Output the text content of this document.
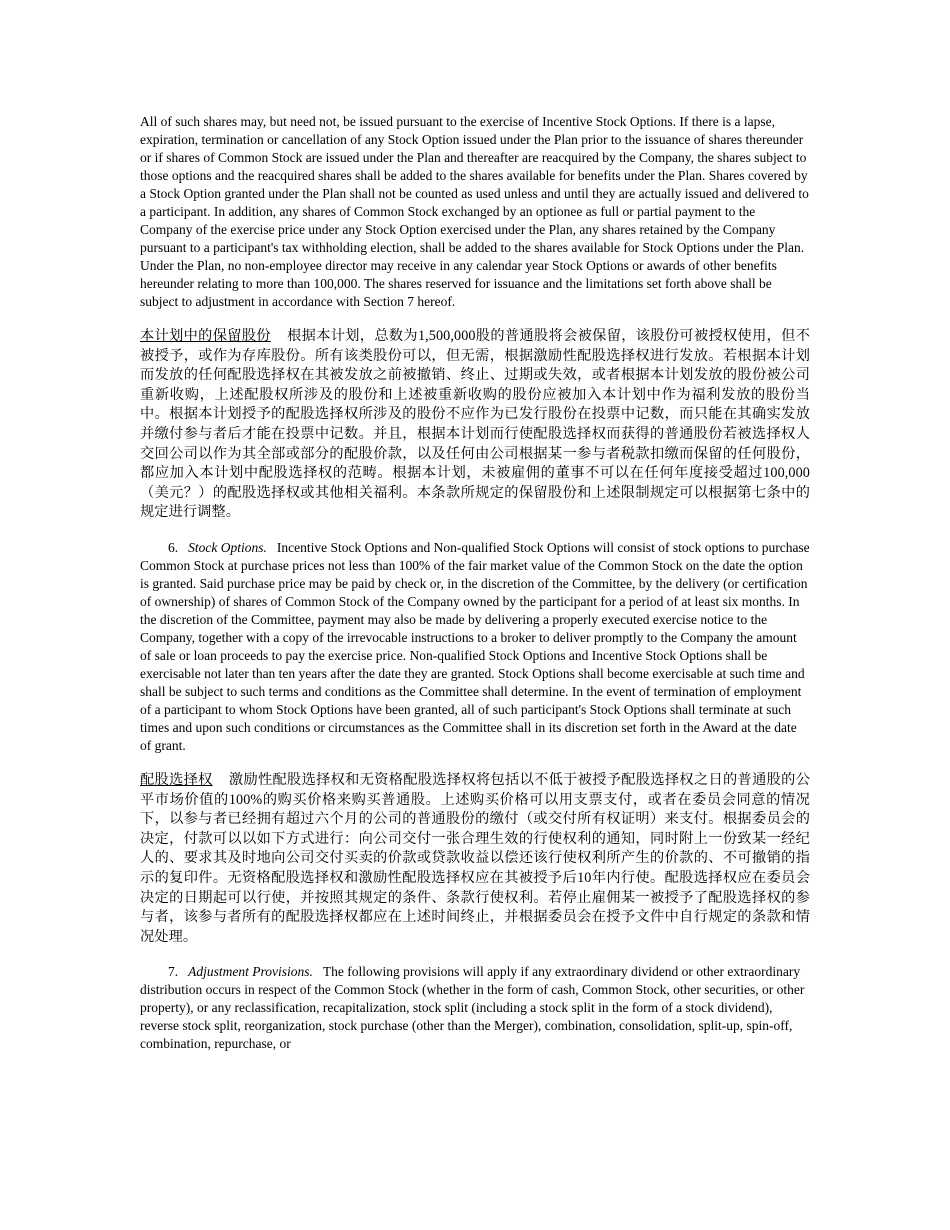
All of such shares may, but need not, be issued pursuant to the exercise of Incentive Stock Options. If there is a lapse, expiration, termination or cancellation of any Stock Option issued under the Plan prior to the issuance of shares thereunder or if shares of Common Stock are issued under the Plan and thereafter are reacquired by the Company, the shares subject to those options and the reacquired shares shall be added to the shares available for benefits under the Plan. Shares covered by a Stock Option granted under the Plan shall not be counted as used unless and until they are actually issued and delivered to a participant. In addition, any shares of Common Stock exchanged by an optionee as full or partial payment to the Company of the exercise price under any Stock Option exercised under the Plan, any shares retained by the Company pursuant to a participant's tax withholding election, shall be added to the shares available for Stock Options under the Plan. Under the Plan, no non-employee director may receive in any calendar year Stock Options or awards of other benefits hereunder relating to more than 100,000. The shares reserved for issuance and the limitations set forth above shall be subject to adjustment in accordance with Section 7 hereof.

本计划中的保留股份 根据本计划，总数为1,500,000股的普通股将会被保留，该股份可被授权使用，但不被授予，或作为存库股份。所有该类股份可以，但无需，根据激励性配股选择权进行发放。若根据本计划而发放的任何配股选择权在其被发放之前被撤销、终止、过期或失效，或者根据本计划发放的股份被公司重新收购，上述配股权所涉及的股份和上述被重新收购的股份应被加入本计划中作为福利发放的股份当中。根据本计划授予的配股选择权所涉及的股份不应作为已发行股份在投票中记数，而只能在其确实发放并缴付参与者后才能在投票中记数。并且，根据本计划而行使配股选择权而获得的普通股份若被选择权人交回公司以作为其全部或部分的配股价款，以及任何由公司根据某一参与者税款扣缴而保留的任何股份，都应加入本计划中配股选择权的范畴。根据本计划，未被雇佣的董事不可以在任何年度接受超过100,000（美元？）的配股选择权或其他相关福利。本条款所规定的保留股份和上述限制规定可以根据第七条中的规定进行调整。

6. Stock Options. Incentive Stock Options and Non-qualified Stock Options will consist of stock options to purchase Common Stock at purchase prices not less than 100% of the fair market value of the Common Stock on the date the option is granted. Said purchase price may be paid by check or, in the discretion of the Committee, by the delivery (or certification of ownership) of shares of Common Stock of the Company owned by the participant for a period of at least six months. In the discretion of the Committee, payment may also be made by delivering a properly executed exercise notice to the Company, together with a copy of the irrevocable instructions to a broker to deliver promptly to the Company the amount of sale or loan proceeds to pay the exercise price. Non-qualified Stock Options and Incentive Stock Options shall be exercisable not later than ten years after the date they are granted. Stock Options shall become exercisable at such time and shall be subject to such terms and conditions as the Committee shall determine. In the event of termination of employment of a participant to whom Stock Options have been granted, all of such participant's Stock Options shall terminate at such times and upon such conditions or circumstances as the Committee shall in its discretion set forth in the Award at the date of grant.

配股选择权 激励性配股选择权和无资格配股选择权将包括以不低于被授予配股选择权之日的普通股的公平市场价值的100%的购买价格来购买普通股。上述购买价格可以用支票支付，或者在委员会同意的情况下，以参与者已经拥有超过六个月的公司的普通股份的缴付（或交付所有权证明）来支付。根据委员会的决定，付款可以以如下方式进行：向公司交付一张合理生效的行使权利的通知，同时附上一份致某一经纪人的、要求其及时地向公司交付买卖的价款或贷款收益以偿还该行使权利所产生的价款的、不可撤销的指示的复印件。无资格配股选择权和激励性配股选择权应在其被授予后10年内行使。配股选择权应在委员会决定的日期起可以行使，并按照其规定的条件、条款行使权利。若停止雇佣某一被授予了配股选择权的参与者，该参与者所有的配股选择权都应在上述时间终止，并根据委员会在授予文件中自行规定的条款和情况处理。

7. Adjustment Provisions. The following provisions will apply if any extraordinary dividend or other extraordinary distribution occurs in respect of the Common Stock (whether in the form of cash, Common Stock, other securities, or other property), or any reclassification, recapitalization, stock split (including a stock split in the form of a stock dividend), reverse stock split, reorganization, stock purchase (other than the Merger), combination, consolidation, split-up, spin-off, combination, repurchase, or
